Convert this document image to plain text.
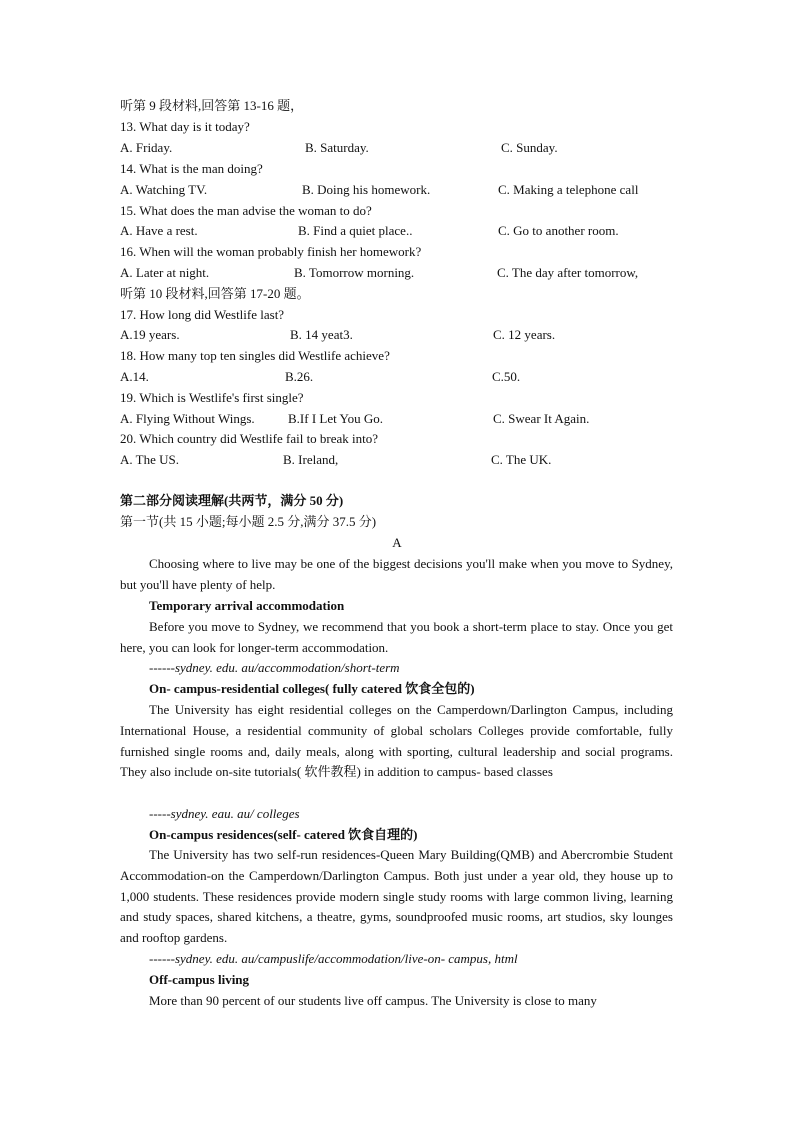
听第 9 段材料,回答第 13-16 题，
13. What day is it today?
A. Friday.	B. Saturday.	C. Sunday.
14. What is the man doing?
A. Watching TV.	B. Doing his homework.	C. Making a telephone call
15. What does the man advise the woman to do?
A. Have a rest.	B. Find a quiet place..	C. Go to another room.
16. When will the woman probably finish her homework?
A. Later at night.	B. Tomorrow morning.	C. The day after tomorrow,
听第 10 段材料,回答第 17-20 题。
17. How long did Westlife last?
A.19 years.	B. 14 yeat3.	C. 12 years.
18. How many top ten singles did Westlife achieve?
A.14.	B.26.	C.50.
19. Which is Westlife's first single?
A. Flying Without Wings.	B.If I Let You Go.	C. Swear It Again.
20. Which country did Westlife fail to break into?
A. The US.	B. Ireland,	C. The UK.
第二部分阅读理解(共两节，满分 50 分)
第一节(共 15 小题;每小题 2.5 分,满分 37.5 分)
A
Choosing where to live may be one of the biggest decisions you'll make when you move to Sydney, but you'll have plenty of help.
Temporary arrival accommodation
Before you move to Sydney, we recommend that you book a short-term place to stay. Once you get here, you can look for longer-term accommodation.
------sydney. edu. au/accommodation/short-term
On- campus-residential colleges( fully catered 饮食全包的)
The University has eight residential colleges on the Camperdown/Darlington Campus, including International House, a residential community of global scholars Colleges provide comfortable, fully furnished single rooms and, daily meals, along with sporting, cultural leadership and social programs. They also include on-site tutorials( 软件教程) in addition to campus- based classes
-----sydney. eau. au/ colleges
On-campus residences(self- catered 饮食自理的)
The University has two self-run residences-Queen Mary Building(QMB) and Abercrombie Student Accommodation-on the Camperdown/Darlington Campus. Both just under a year old, they house up to 1,000 students. These residences provide modern single study rooms with large common living, learning and study spaces, shared kitchens, a theatre, gyms, soundproofed music rooms, art studios, sky lounges and rooftop gardens.
------sydney. edu. au/campuslife/accommodation/live-on- campus, html
Off-campus living
More than 90 percent of our students live off campus. The University is close to many
